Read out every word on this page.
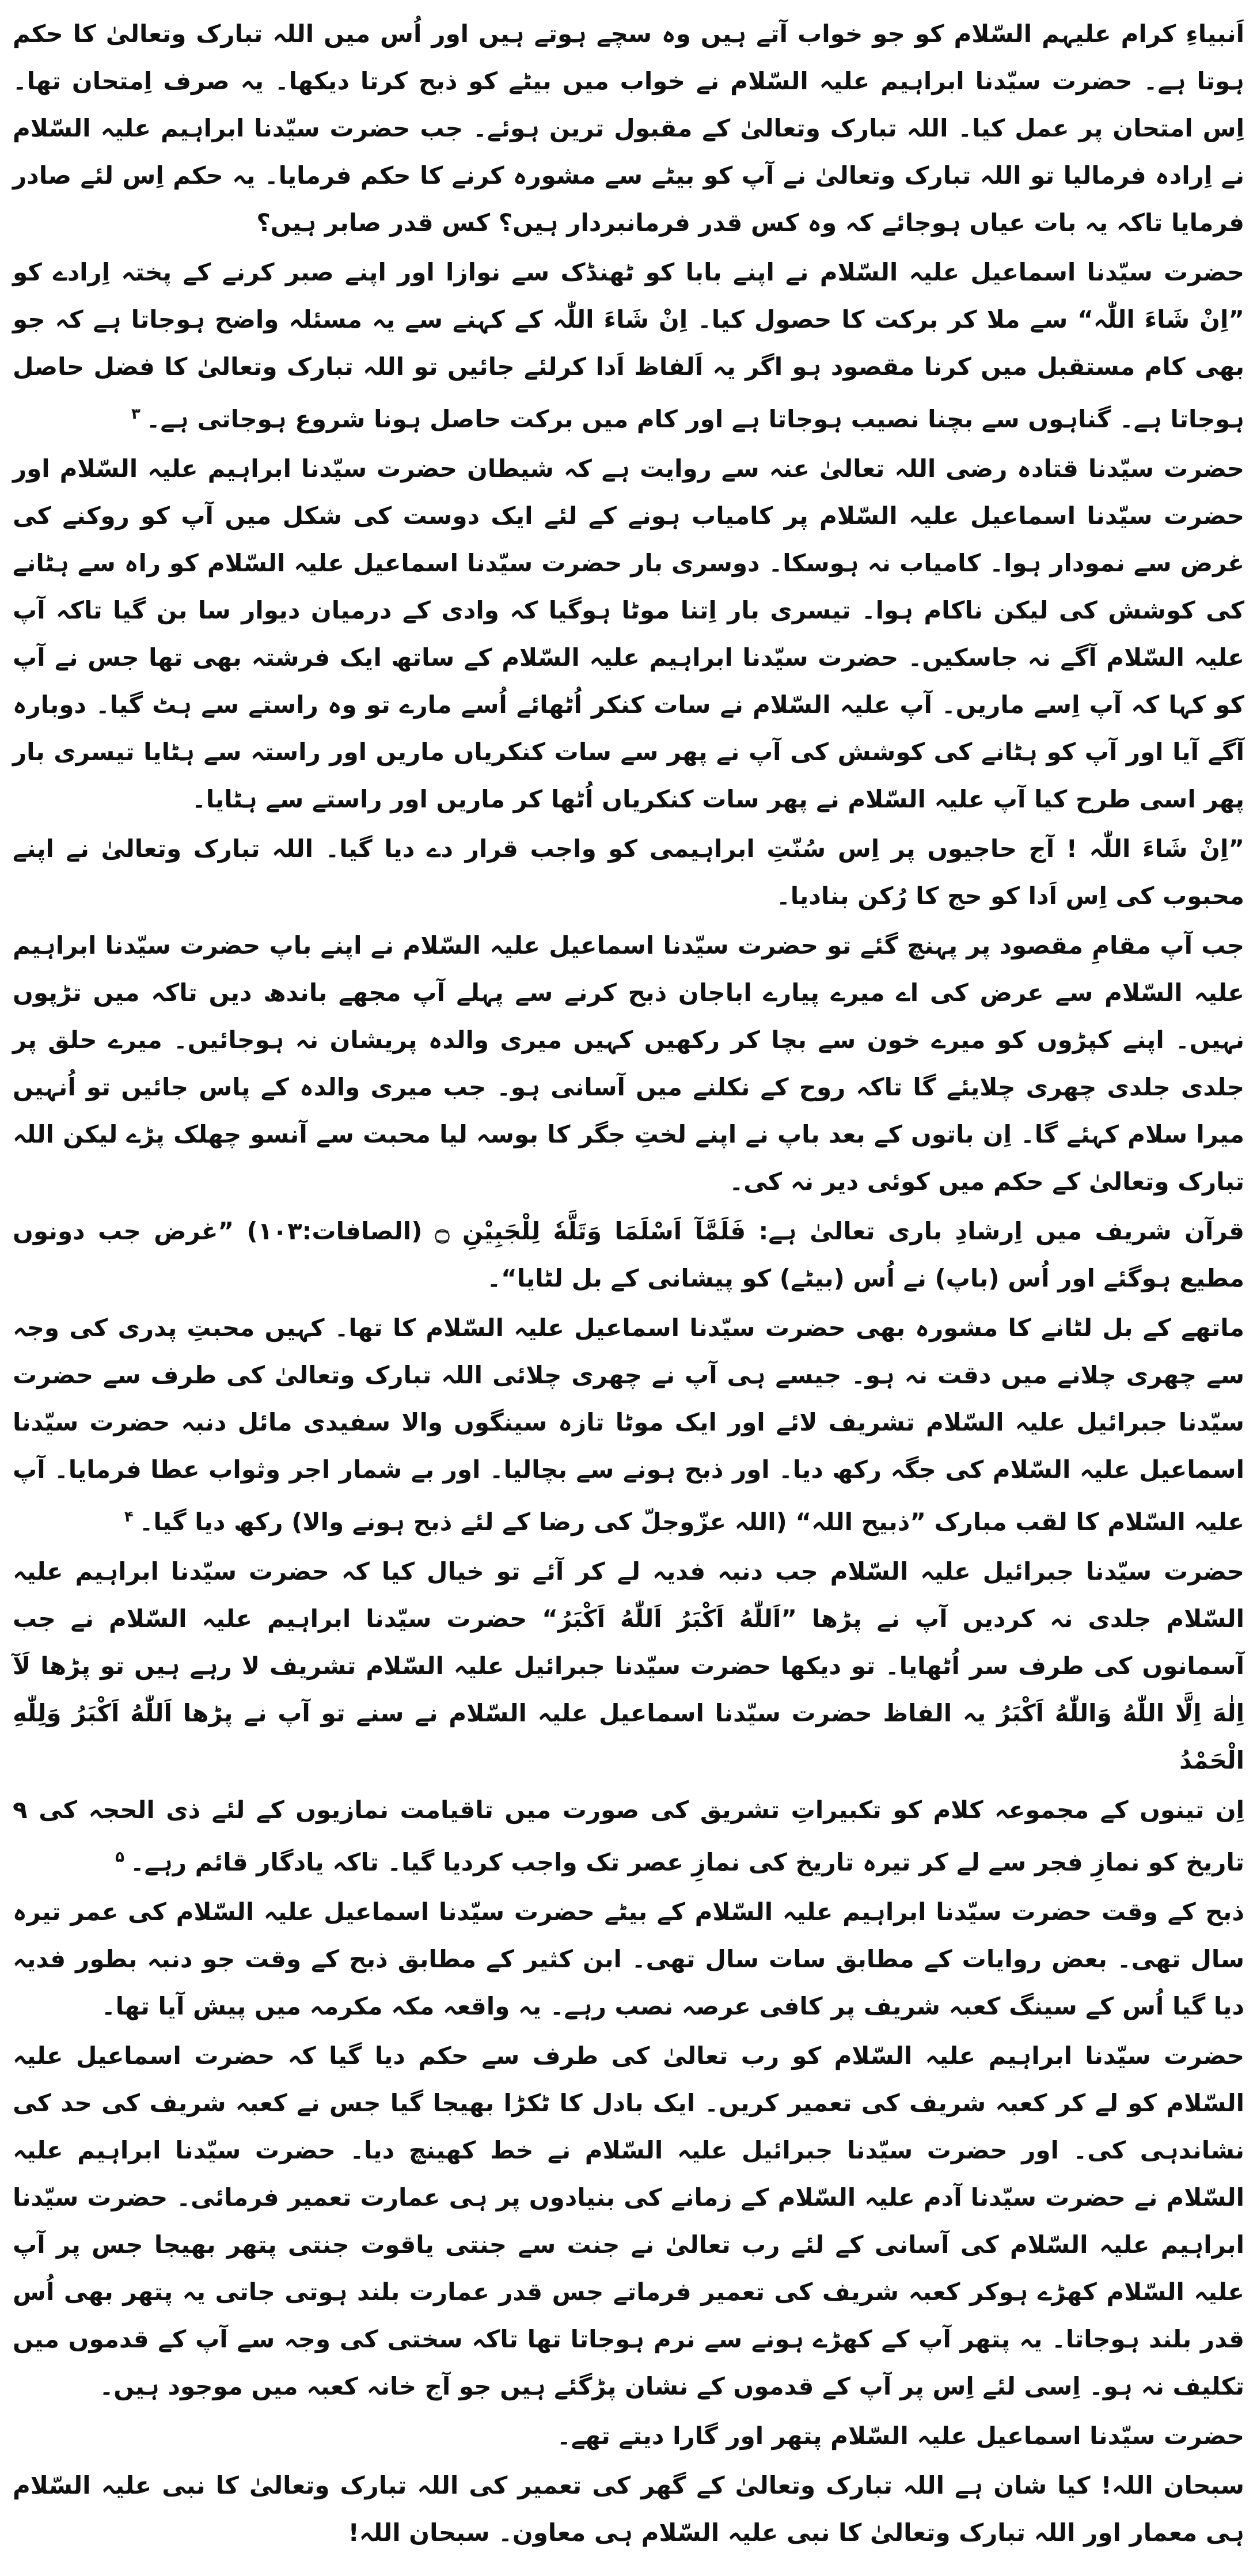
اَنبیاءِ کرام علیہم السّلام کو جو خواب آتے ہیں وہ سچے ہوتے ہیں اور اُس میں اللہ تبارک وتعالیٰ کا حکم ہوتا ہے۔ حضرت سیّدنا ابراہیم علیہ السّلام نے خواب میں بیٹے کو ذبح کرتا دیکھا۔ یہ صرف اِمتحان تھا۔ اِس امتحان پر عمل کیا۔ اللہ تبارک وتعالیٰ کے مقبول ترین ہوئے۔ جب حضرت سیّدنا ابراہیم علیہ السّلام نے اِرادہ فرمالیا تو اللہ تبارک وتعالیٰ نے آپ کو بیٹے سے مشورہ کرنے کا حکم فرمایا۔ یہ حکم اِس لئے صادر فرمایا تاکہ یہ بات عیاں ہوجائے کہ وہ کس قدر فرمانبردار ہیں؟ کس قدر صابر ہیں؟

حضرت سیّدنا اسماعیل علیہ السّلام نے اپنے بابا کو ٹھنڈک سے نوازا اور اپنے صبر کرنے کے پختہ اِرادے کو ”اِنْ شَاءَ اللّٰہ“ سے ملا کر برکت کا حصول کیا۔ اِنْ شَاءَ اللّٰہ کے کہنے سے یہ مسئلہ واضح ہوجاتا ہے کہ جو بھی کام مستقبل میں کرنا مقصود ہو اگر یہ اَلفاظ اَدا کرلئے جائیں تو اللہ تبارک وتعالیٰ کا فضل حاصل ہوجاتا ہے۔ گناہوں سے بچنا نصیب ہوجاتا ہے اور کام میں برکت حاصل ہونا شروع ہوجاتی ہے۔$^۳$

حضرت سیّدنا قتادہ رضی اللہ تعالیٰ عنہ سے روایت ہے کہ شیطان حضرت سیّدنا ابراہیم علیہ السّلام اور حضرت سیّدنا اسماعیل علیہ السّلام پر کامیاب ہونے کے لئے ایک دوست کی شکل میں آپ کو روکنے کی غرض سے نمودار ہوا۔ کامیاب نہ ہوسکا۔ دوسری بار حضرت سیّدنا اسماعیل علیہ السّلام کو راہ سے ہٹانے کی کوشش کی لیکن ناکام ہوا۔ تیسری بار اِتنا موٹا ہوگیا کہ وادی کے درمیان دیوار سا بن گیا تاکہ آپ علیہ السّلام آگے نہ جاسکیں۔ حضرت سیّدنا ابراہیم علیہ السّلام کے ساتھ ایک فرشتہ بھی تھا جس نے آپ کو کہا کہ آپ اِسے ماریں۔ آپ علیہ السّلام نے سات کنکر اُٹھائے اُسے مارے تو وہ راستے سے ہٹ گیا۔ دوبارہ آگے آیا اور آپ کو ہٹانے کی کوشش کی آپ نے پھر سے سات کنکریاں ماریں اور راستہ سے ہٹایا تیسری بار پھر اسی طرح کیا آپ علیہ السّلام نے پھر سات کنکریاں اُٹھا کر ماریں اور راستے سے ہٹایا۔

”اِنْ شَاءَ اللّٰہ ! آج حاجیوں پر اِس سُنّتِ ابراہیمی کو واجب قرار دے دیا گیا۔ اللہ تبارک وتعالیٰ نے اپنے محبوب کی اِس اَدا کو حج کا رُکن بنادیا۔

جب آپ مقامِ مقصود پر پہنچ گئے تو حضرت سیّدنا اسماعیل علیہ السّلام نے اپنے باپ حضرت سیّدنا ابراہیم علیہ السّلام سے عرض کی اے میرے پیارے اباجان ذبح کرنے سے پہلے آپ مجھے باندھ دیں تاکہ میں تڑپوں نہیں۔ اپنے کپڑوں کو میرے خون سے بچا کر رکھیں کہیں میری والدہ پریشان نہ ہوجائیں۔ میرے حلق پر جلدی جلدی چھری چلایئے گا تاکہ روح کے نکلنے میں آسانی ہو۔ جب میری والدہ کے پاس جائیں تو اُنہیں میرا سلام کہئے گا۔ اِن باتوں کے بعد باپ نے اپنے لختِ جگر کا بوسہ لیا محبت سے آنسو چھلک پڑے لیکن اللہ تبارک وتعالیٰ کے حکم میں کوئی دیر نہ کی۔

قرآن شریف میں اِرشادِ باری تعالیٰ ہے: فَلَمَّآ اَسْلَمَا وَتَلَّهٗ لِلْجَبِيْنِ ۝ (الصافات:۱۰۳) ”غرض جب دونوں مطیع ہوگئے اور اُس (باپ) نے اُس (بیٹے) کو پیشانی کے بل لٹایا“۔

ماتھے کے بل لٹانے کا مشورہ بھی حضرت سیّدنا اسماعیل علیہ السّلام کا تھا۔ کہیں محبتِ پدری کی وجہ سے چھری چلانے میں دقت نہ ہو۔ جیسے ہی آپ نے چھری چلائی اللہ تبارک وتعالیٰ کی طرف سے حضرت سیّدنا جبرائیل علیہ السّلام تشریف لائے اور ایک موٹا تازہ سینگوں والا سفیدی مائل دنبہ حضرت سیّدنا اسماعیل علیہ السّلام کی جگہ رکھ دیا۔ اور ذبح ہونے سے بچالیا۔ اور بے شمار اجر وثواب عطا فرمایا۔ آپ علیہ السّلام کا لقب مبارک ”ذبیح اللہ“ (اللہ عزّوجلّ کی رضا کے لئے ذبح ہونے والا) رکھ دیا گیا۔$^۴$

حضرت سیّدنا جبرائیل علیہ السّلام جب دنبہ فدیہ لے کر آئے تو خیال کیا کہ حضرت سیّدنا ابراہیم علیہ السّلام جلدی نہ کردیں آپ نے پڑھا ”اَللّٰهُ اَكْبَرُ اَللّٰهُ اَكْبَرُ“ حضرت سیّدنا ابراہیم علیہ السّلام نے جب آسمانوں کی طرف سر اُٹھایا۔ تو دیکھا حضرت سیّدنا جبرائیل علیہ السّلام تشریف لا رہے ہیں تو پڑھا لَآ اِلٰهَ اِلَّا اللّٰهُ وَاللّٰهُ اَكْبَرُ یہ الفاظ حضرت سیّدنا اسماعیل علیہ السّلام نے سنے تو آپ نے پڑھا اَللّٰهُ اَكْبَرُ وَلِلّٰهِ الْحَمْدُ

اِن تینوں کے مجموعہ کلام کو تکبیراتِ تشریق کی صورت میں تاقیامت نمازیوں کے لئے ذی الحجہ کی ۹ تاریخ کو نمازِ فجر سے لے کر تیرہ تاریخ کی نمازِ عصر تک واجب کردیا گیا۔ تاکہ یادگار قائم رہے۔$^۵$

ذبح کے وقت حضرت سیّدنا ابراہیم علیہ السّلام کے بیٹے حضرت سیّدنا اسماعیل علیہ السّلام کی عمر تیرہ سال تھی۔ بعض روایات کے مطابق سات سال تھی۔ ابن کثیر کے مطابق ذبح کے وقت جو دنبہ بطور فدیہ دیا گیا اُس کے سینگ کعبہ شریف پر کافی عرصہ نصب رہے۔ یہ واقعہ مکہ مکرمہ میں پیش آیا تھا۔

حضرت سیّدنا ابراہیم علیہ السّلام کو رب تعالیٰ کی طرف سے حکم دیا گیا کہ حضرت اسماعیل علیہ السّلام کو لے کر کعبہ شریف کی تعمیر کریں۔ ایک بادل کا ٹکڑا بھیجا گیا جس نے کعبہ شریف کی حد کی نشاندہی کی۔ اور حضرت سیّدنا جبرائیل علیہ السّلام نے خط کھینچ دیا۔ حضرت سیّدنا ابراہیم علیہ السّلام نے حضرت سیّدنا آدم علیہ السّلام کے زمانے کی بنیادوں پر ہی عمارت تعمیر فرمائی۔ حضرت سیّدنا ابراہیم علیہ السّلام کی آسانی کے لئے رب تعالیٰ نے جنت سے جنتی یاقوت جنتی پتھر بھیجا جس پر آپ علیہ السّلام کھڑے ہوکر کعبہ شریف کی تعمیر فرماتے جس قدر عمارت بلند ہوتی جاتی یہ پتھر بھی اُس قدر بلند ہوجاتا۔ یہ پتھر آپ کے کھڑے ہونے سے نرم ہوجاتا تھا تاکہ سختی کی وجہ سے آپ کے قدموں میں تکلیف نہ ہو۔ اِسی لئے اِس پر آپ کے قدموں کے نشان پڑگئے ہیں جو آج خانہ کعبہ میں موجود ہیں۔

حضرت سیّدنا اسماعیل علیہ السّلام پتھر اور گارا دیتے تھے۔

سبحان اللہ! کیا شان ہے اللہ تبارک وتعالیٰ کے گھر کی تعمیر کی اللہ تبارک وتعالیٰ کا نبی علیہ السّلام ہی معمار اور اللہ تبارک وتعالیٰ کا نبی علیہ السّلام ہی معاون۔ سبحان اللہ!
